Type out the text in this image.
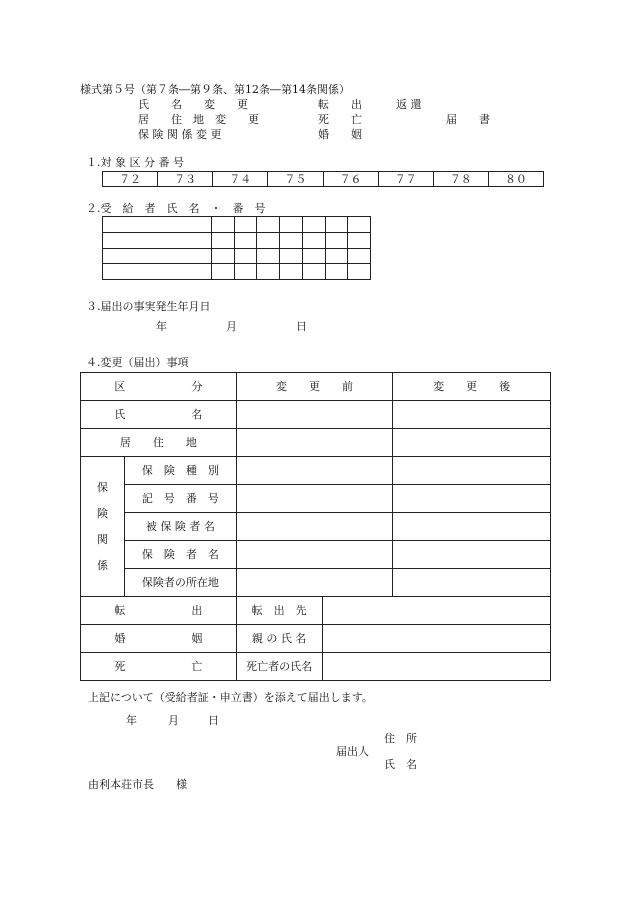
様式第５号（第７条―第９条、第12条―第14条関係）
氏　　名　　変　　更	転　　出	返 還
居　　住　地　変　　更	死　　亡	届　　書
保 険 関 係 変 更	婚　　姻
１.対 象 区 分 番 号
７２	７３	７４	７５	７６	７７	７８	８０
２.受　給　者　氏　名　・　番　号

３.届出の事実発生年月日
年	月	日
４.変更（届出）事項
区　　　　　　分		変　　更　　前		変　　更　　後
氏　　　　　　名				
居　　住　　地				

保
険
関
係	保　険　種　別			
	記　号　番　号			
	被 保 険 者 名			
	保　険　者　名			
	保険者の所在地			
転　　　　　　出		転　出　先		
婚　　　　　　姻		親 の 氏 名		
死　　　　　　亡		死亡者の氏名		
上記について（受給者証・申立書）を添えて届出します。
年	月	日
住　所
届出人
氏　名
由利本荘市長　　様
